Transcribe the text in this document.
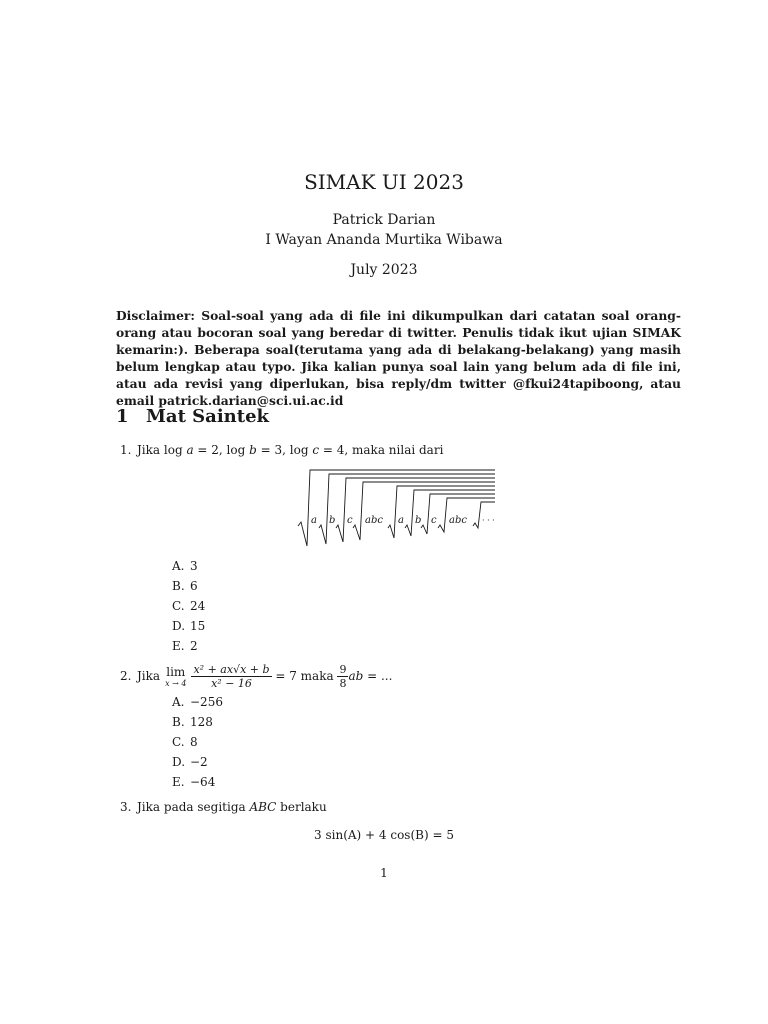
SIMAK UI 2023
Patrick Darian
I Wayan Ananda Murtika Wibawa
July 2023
Disclaimer: Soal-soal yang ada di file ini dikumpulkan dari catatan soal orang-orang atau bocoran soal yang beredar di twitter. Penulis tidak ikut ujian SIMAK kemarin:). Beberapa soal(terutama yang ada di belakang-belakang) yang masih belum lengkap atau typo. Jika kalian punya soal lain yang belum ada di file ini, atau ada revisi yang diperlukan, bisa reply/dm twitter @fkui24tapiboong, atau email patrick.darian@sci.ui.ac.id
1 Mat Saintek
1. Jika log a = 2, log b = 3, log c = 4, maka nilai dari
a b c abc a b c abc · · ·
A. 3
B. 6
C. 24
D. 15
E. 2
2. Jika lim
$x \to 4 \frac{\text{x² + ax√x + b}}{\text{x² − 16}} = 7$ maka $\frac{9}{8}$ ab = ...
A. −256
B. 128
C. 8
D. −2
E. −64
3. Jika pada segitiga ABC berlaku
3 sin(A) + 4 cos(B) = 5
1
